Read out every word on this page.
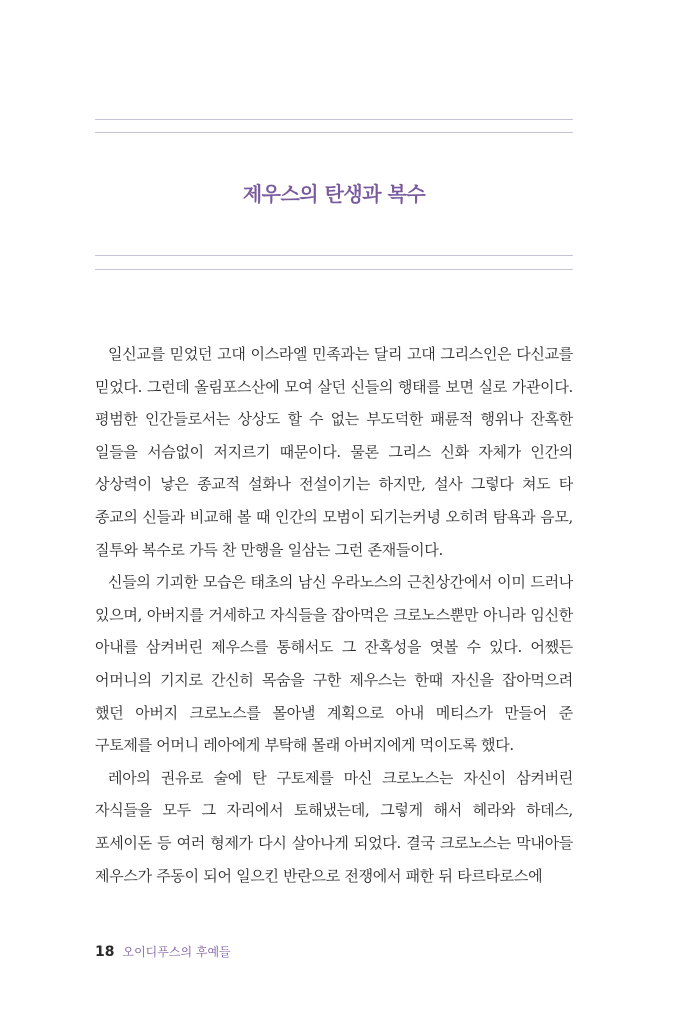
제우스의 탄생과 복수

일신교를 믿었던 고대 이스라엘 민족과는 달리 고대 그리스인은 다신교를 믿었다. 그런데 올림포스산에 모여 살던 신들의 행태를 보면 실로 가관이다. 평범한 인간들로서는 상상도 할 수 없는 부도덕한 패륜적 행위나 잔혹한 일들을 서슴없이 저지르기 때문이다. 물론 그리스 신화 자체가 인간의 상상력이 낳은 종교적 설화나 전설이기는 하지만, 설사 그렇다 쳐도 타 종교의 신들과 비교해 볼 때 인간의 모범이 되기는커녕 오히려 탐욕과 음모, 질투와 복수로 가득 찬 만행을 일삼는 그런 존재들이다.

신들의 기괴한 모습은 태초의 남신 우라노스의 근친상간에서 이미 드러나 있으며, 아버지를 거세하고 자식들을 잡아먹은 크로노스뿐만 아니라 임신한 아내를 삼켜버린 제우스를 통해서도 그 잔혹성을 엿볼 수 있다. 어쨌든 어머니의 기지로 간신히 목숨을 구한 제우스는 한때 자신을 잡아먹으려 했던 아버지 크로노스를 몰아낼 계획으로 아내 메티스가 만들어 준 구토제를 어머니 레아에게 부탁해 몰래 아버지에게 먹이도록 했다.

레아의 권유로 술에 탄 구토제를 마신 크로노스는 자신이 삼켜버린 자식들을 모두 그 자리에서 토해냈는데, 그렇게 해서 헤라와 하데스, 포세이돈 등 여러 형제가 다시 살아나게 되었다. 결국 크로노스는 막내아들 제우스가 주동이 되어 일으킨 반란으로 전쟁에서 패한 뒤 타르타로스에

18 오이디푸스의 후예들
